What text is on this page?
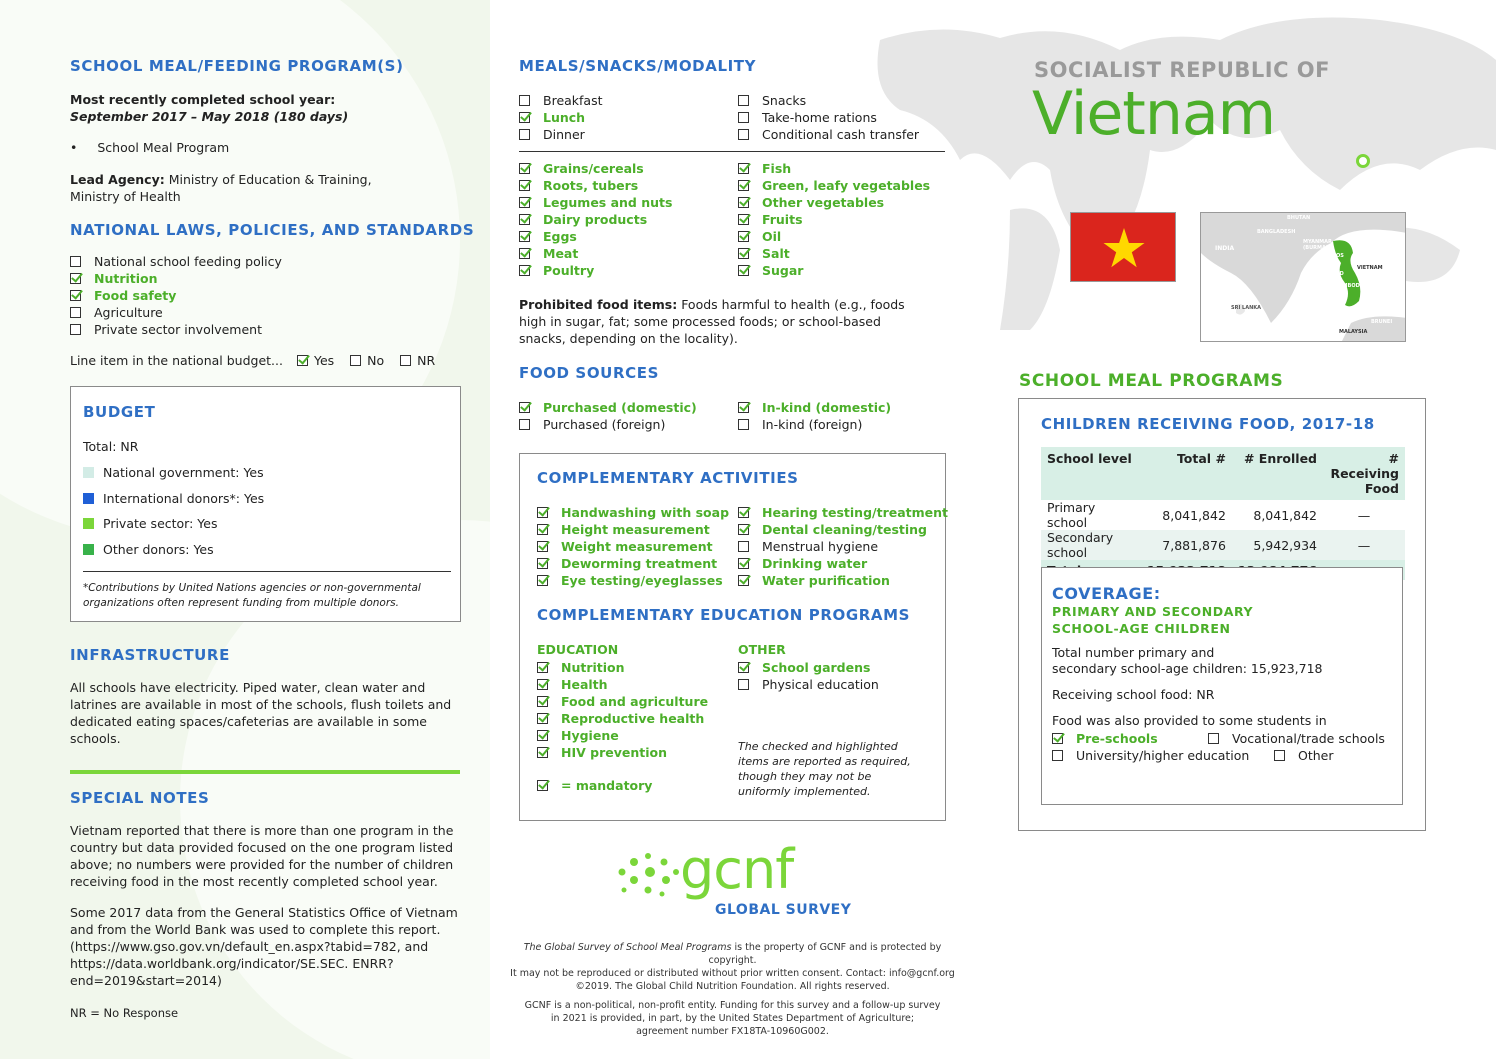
SOCIALIST REPUBLIC OF
Vietnam
BHUTAN
BANGLADESH
MYANMAR (BURMA)
LAOS
INDIA
VIETNAM
THAILAND
CAMBODIA
SRI LANKA
BRUNEI
MALAYSIA
SCHOOL MEAL/FEEDING PROGRAM(S)
Most recently completed school year:
September 2017 – May 2018 (180 days)
• School Meal Program
Lead Agency: Ministry of Education & Training,
Ministry of Health
NATIONAL LAWS, POLICIES, AND STANDARDS
National school feeding policy
Nutrition
Food safety
Agriculture
Private sector involvement
Line item in the national budget... Yes	No	NR
BUDGET
Total: NR
National government: Yes
International donors*: Yes
Private sector: Yes
Other donors: Yes
*Contributions by United Nations agencies or non-governmental organizations often represent funding from multiple donors.
INFRASTRUCTURE
All schools have electricity. Piped water, clean water and latrines are available in most of the schools, flush toilets and dedicated eating spaces/cafeterias are available in some schools.
SPECIAL NOTES
Vietnam reported that there is more than one program in the country but data provided focused on the one program listed above; no numbers were provided for the number of children receiving food in the most recently completed school year.
Some 2017 data from the General Statistics Office of Vietnam and from the World Bank was used to complete this report. (https://www.gso.gov.vn/default_en.aspx?tabid=782, and https://data.worldbank.org/indicator/SE.SEC. ENRR?end=2019&start=2014)
NR = No Response
MEALS/SNACKS/MODALITY
Breakfast
Lunch
Dinner
Snacks
Take-home rations
Conditional cash transfer
Grains/cereals
Roots, tubers
Legumes and nuts
Dairy products
Eggs
Meat
Poultry
Fish
Green, leafy vegetables
Other vegetables
Fruits
Oil
Salt
Sugar
Prohibited food items: Foods harmful to health (e.g., foods high in sugar, fat; some processed foods; or school-based snacks, depending on the locality).
FOOD SOURCES
Purchased (domestic)
Purchased (foreign)
In-kind (domestic)
In-kind (foreign)
COMPLEMENTARY ACTIVITIES
Handwashing with soap
Height measurement
Weight measurement
Deworming treatment
Eye testing/eyeglasses
Hearing testing/treatment
Dental cleaning/testing
Menstrual hygiene
Drinking water
Water purification
COMPLEMENTARY EDUCATION PROGRAMS
EDUCATION
Nutrition
Health
Food and agriculture
Reproductive health
Hygiene
HIV prevention
OTHER
School gardens
Physical education
= mandatory
The checked and highlighted items are reported as required, though they may not be uniformly implemented.
gcnf
GLOBAL SURVEY
The Global Survey of School Meal Programs is the property of GCNF and is protected by copyright.
It may not be reproduced or distributed without prior written consent. Contact: info@gcnf.org
©2019. The Global Child Nutrition Foundation. All rights reserved.
GCNF is a non-political, non-profit entity. Funding for this survey and a follow-up survey
in 2021 is provided, in part, by the United States Department of Agriculture;
agreement number FX18TA-10960G002.
SCHOOL MEAL PROGRAMS
CHILDREN RECEIVING FOOD, 2017-18
School level	Total #	# Enrolled	# Receiving Food
Primary school	8,041,842	8,041,842	—
Secondary school	7,881,876	5,942,934	—

COVERAGE:
PRIMARY AND SECONDARY
SCHOOL-AGE CHILDREN
Total number primary and
secondary school-age children: 15,923,718
Receiving school food: NR
Food was also provided to some students in
Pre-schools	Vocational/trade schools
University/higher education	Other
